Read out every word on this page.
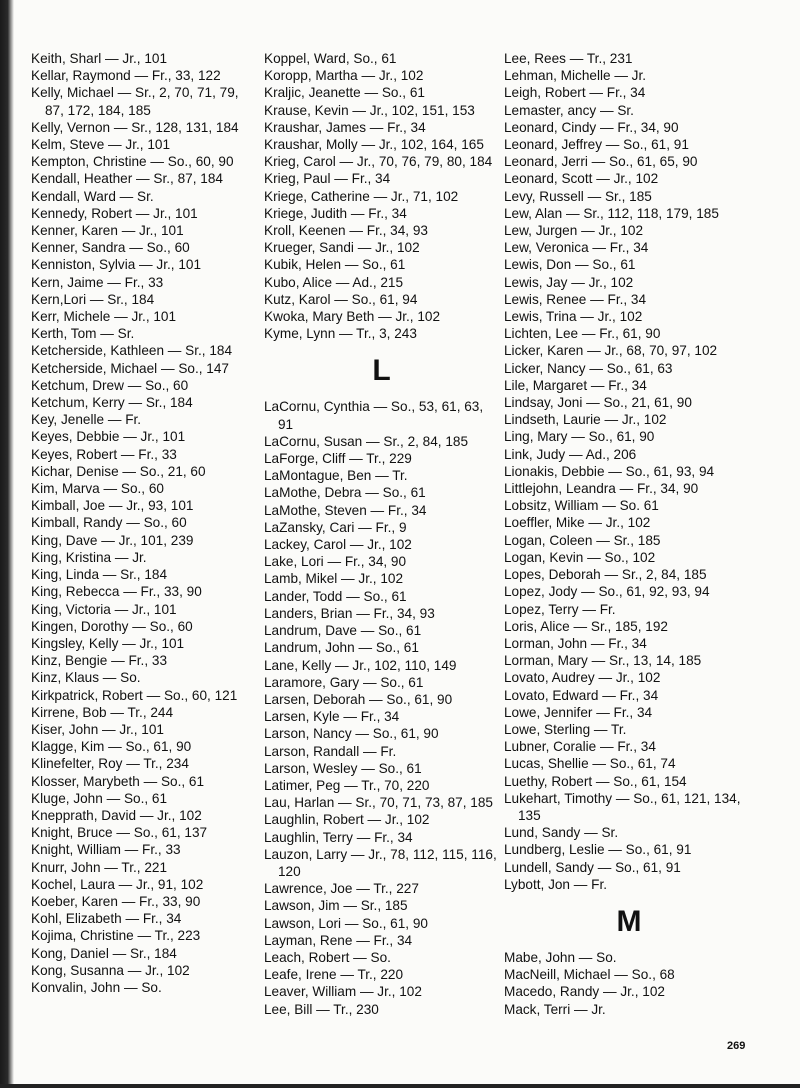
Keith, Sharl — Jr., 101
Kellar, Raymond — Fr., 33, 122
Kelly, Michael — Sr., 2, 70, 71, 79, 87, 172, 184, 185
Kelly, Vernon — Sr., 128, 131, 184
Kelm, Steve — Jr., 101
Kempton, Christine — So., 60, 90
Kendall, Heather — Sr., 87, 184
Kendall, Ward — Sr.
Kennedy, Robert — Jr., 101
Kenner, Karen — Jr., 101
Kenner, Sandra — So., 60
Kenniston, Sylvia — Jr., 101
Kern, Jaime — Fr., 33
Kern,Lori — Sr., 184
Kerr, Michele — Jr., 101
Kerth, Tom — Sr.
Ketcherside, Kathleen — Sr., 184
Ketcherside, Michael — So., 147
Ketchum, Drew — So., 60
Ketchum, Kerry — Sr., 184
Key, Jenelle — Fr.
Keyes, Debbie — Jr., 101
Keyes, Robert — Fr., 33
Kichar, Denise — So., 21, 60
Kim, Marva — So., 60
Kimball, Joe — Jr., 93, 101
Kimball, Randy — So., 60
King, Dave — Jr., 101, 239
King, Kristina — Jr.
King, Linda — Sr., 184
King, Rebecca — Fr., 33, 90
King, Victoria — Jr., 101
Kingen, Dorothy — So., 60
Kingsley, Kelly — Jr., 101
Kinz, Bengie — Fr., 33
Kinz, Klaus — So.
Kirkpatrick, Robert — So., 60, 121
Kirrene, Bob — Tr., 244
Kiser, John — Jr., 101
Klagge, Kim — So., 61, 90
Klinefelter, Roy — Tr., 234
Klosser, Marybeth — So., 61
Kluge, John — So., 61
Knepprath, David — Jr., 102
Knight, Bruce — So., 61, 137
Knight, William — Fr., 33
Knurr, John — Tr., 221
Kochel, Laura — Jr., 91, 102
Koeber, Karen — Fr., 33, 90
Kohl, Elizabeth — Fr., 34
Kojima, Christine — Tr., 223
Kong, Daniel — Sr., 184
Kong, Susanna — Jr., 102
Konvalin, John — So.
Koppel, Ward, So., 61
Koropp, Martha — Jr., 102
Kraljic, Jeanette — So., 61
Krause, Kevin — Jr., 102, 151, 153
Kraushar, James — Fr., 34
Kraushar, Molly — Jr., 102, 164, 165
Krieg, Carol — Jr., 70, 76, 79, 80, 184
Krieg, Paul — Fr., 34
Kriege, Catherine — Jr., 71, 102
Kriege, Judith — Fr., 34
Kroll, Keenen — Fr., 34, 93
Krueger, Sandi — Jr., 102
Kubik, Helen — So., 61
Kubo, Alice — Ad., 215
Kutz, Karol — So., 61, 94
Kwoka, Mary Beth — Jr., 102
Kyme, Lynn — Tr., 3, 243
L
LaCornu, Cynthia — So., 53, 61, 63, 91
LaCornu, Susan — Sr., 2, 84, 185
LaForge, Cliff — Tr., 229
LaMontague, Ben — Tr.
LaMothe, Debra — So., 61
LaMothe, Steven — Fr., 34
LaZansky, Cari — Fr., 9
Lackey, Carol — Jr., 102
Lake, Lori — Fr., 34, 90
Lamb, Mikel — Jr., 102
Lander, Todd — So., 61
Landers, Brian — Fr., 34, 93
Landrum, Dave — So., 61
Landrum, John — So., 61
Lane, Kelly — Jr., 102, 110, 149
Laramore, Gary — So., 61
Larsen, Deborah — So., 61, 90
Larsen, Kyle — Fr., 34
Larson, Nancy — So., 61, 90
Larson, Randall — Fr.
Larson, Wesley — So., 61
Latimer, Peg — Tr., 70, 220
Lau, Harlan — Sr., 70, 71, 73, 87, 185
Laughlin, Robert — Jr., 102
Laughlin, Terry — Fr., 34
Lauzon, Larry — Jr., 78, 112, 115, 116, 120
Lawrence, Joe — Tr., 227
Lawson, Jim — Sr., 185
Lawson, Lori — So., 61, 90
Layman, Rene — Fr., 34
Leach, Robert — So.
Leafe, Irene — Tr., 220
Leaver, William — Jr., 102
Lee, Bill — Tr., 230
Lee, Rees — Tr., 231
Lehman, Michelle — Jr.
Leigh, Robert — Fr., 34
Lemaster, ancy — Sr.
Leonard, Cindy — Fr., 34, 90
Leonard, Jeffrey — So., 61, 91
Leonard, Jerri — So., 61, 65, 90
Leonard, Scott — Jr., 102
Levy, Russell — Sr., 185
Lew, Alan — Sr., 112, 118, 179, 185
Lew, Jurgen — Jr., 102
Lew, Veronica — Fr., 34
Lewis, Don — So., 61
Lewis, Jay — Jr., 102
Lewis, Renee — Fr., 34
Lewis, Trina — Jr., 102
Lichten, Lee — Fr., 61, 90
Licker, Karen — Jr., 68, 70, 97, 102
Licker, Nancy — So., 61, 63
Lile, Margaret — Fr., 34
Lindsay, Joni — So., 21, 61, 90
Lindseth, Laurie — Jr., 102
Ling, Mary — So., 61, 90
Link, Judy — Ad., 206
Lionakis, Debbie — So., 61, 93, 94
Littlejohn, Leandra — Fr., 34, 90
Lobsitz, William — So. 61
Loeffler, Mike — Jr., 102
Logan, Coleen — Sr., 185
Logan, Kevin — So., 102
Lopes, Deborah — Sr., 2, 84, 185
Lopez, Jody — So., 61, 92, 93, 94
Lopez, Terry — Fr.
Loris, Alice — Sr., 185, 192
Lorman, John — Fr., 34
Lorman, Mary — Sr., 13, 14, 185
Lovato, Audrey — Jr., 102
Lovato, Edward — Fr., 34
Lowe, Jennifer — Fr., 34
Lowe, Sterling — Tr.
Lubner, Coralie — Fr., 34
Lucas, Shellie — So., 61, 74
Luethy, Robert — So., 61, 154
Lukehart, Timothy — So., 61, 121, 134, 135
Lund, Sandy — Sr.
Lundberg, Leslie — So., 61, 91
Lundell, Sandy — So., 61, 91
Lybott, Jon — Fr.
M
Mabe, John — So.
MacNeill, Michael — So., 68
Macedo, Randy — Jr., 102
Mack, Terri — Jr.
269
